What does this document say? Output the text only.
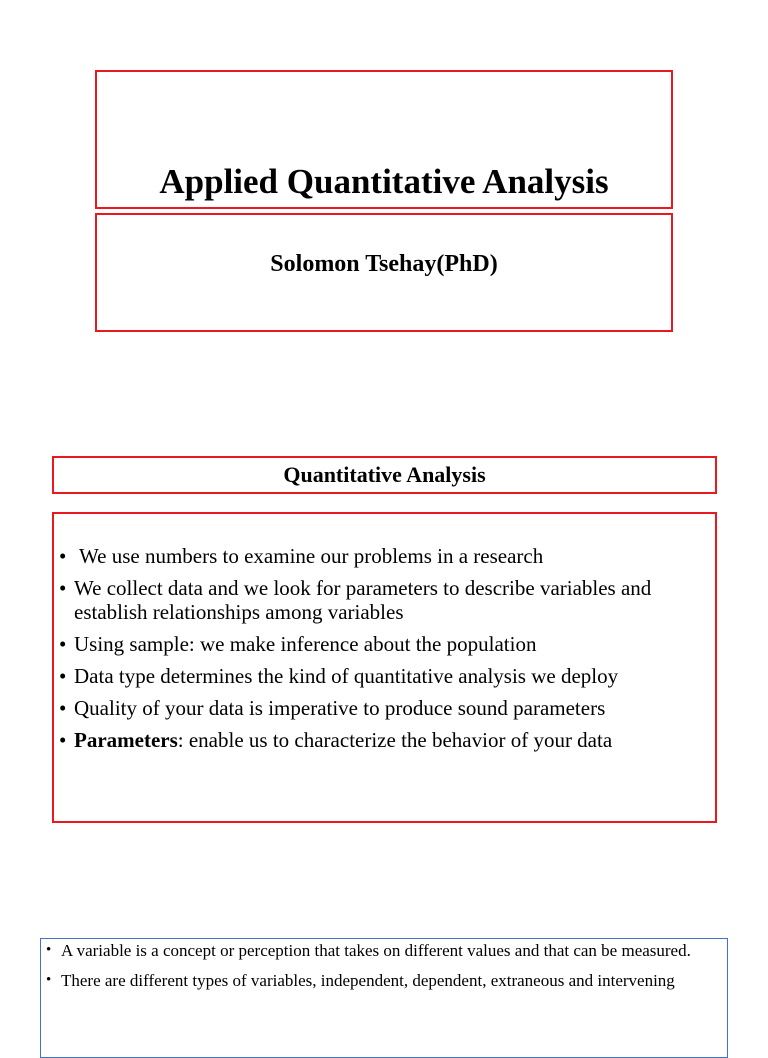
Applied Quantitative Analysis
Solomon Tsehay(PhD)
Quantitative Analysis
• We use numbers to examine our problems in a research
• We collect data and we look for parameters to describe variables and establish relationships among variables
• Using sample: we make inference about the population
• Data type determines the kind of quantitative analysis we deploy
• Quality of your data is imperative to produce sound parameters
• Parameters: enable us to characterize the behavior of your data
• A variable is a concept or perception that takes on different values and that can be measured.
• There are different types of variables, independent, dependent, extraneous and intervening
